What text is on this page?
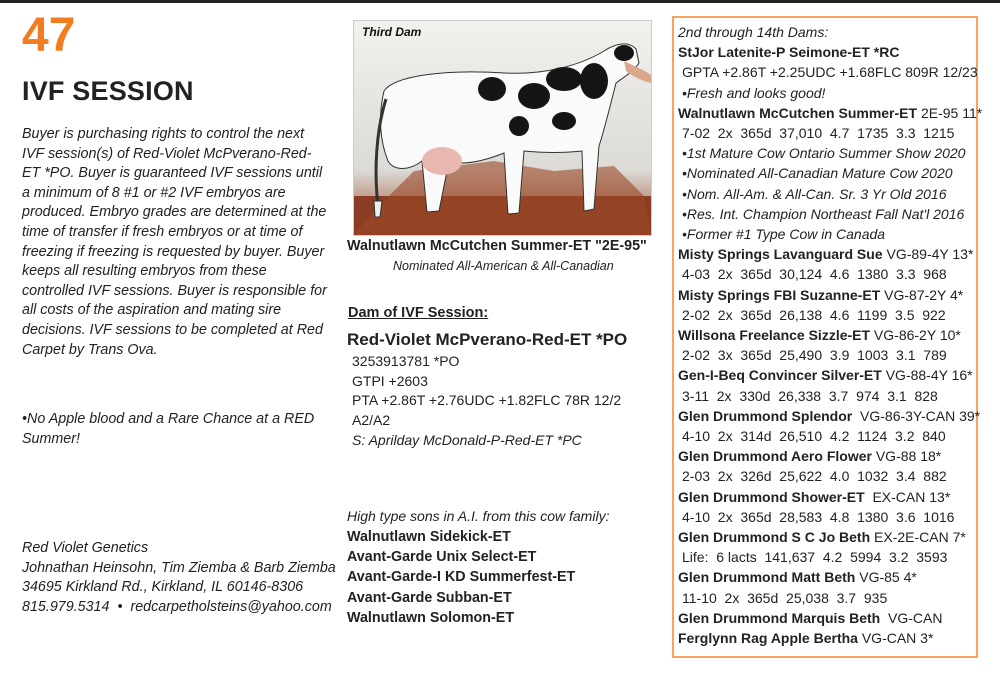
47
IVF SESSION
Buyer is purchasing rights to control the next IVF session(s) of Red-Violet McPverano-Red-ET *PO. Buyer is guaranteed IVF sessions until a minimum of 8 #1 or #2 IVF embryos are produced. Embryo grades are determined at the time of transfer if fresh embryos or at time of freezing if freezing is requested by buyer. Buyer keeps all resulting embryos from these controlled IVF sessions. Buyer is responsible for all costs of the aspiration and mating sire decisions. IVF sessions to be completed at Red Carpet by Trans Ova.
•No Apple blood and a Rare Chance at a RED Summer!
Red Violet Genetics
Johnathan Heinsohn, Tim Ziemba & Barb Ziemba
34695 Kirkland Rd., Kirkland, IL 60146-8306
815.979.5314 • redcarpetholsteins@yahoo.com
Third Dam
Walnutlawn McCutchen Summer-ET "2E-95"
Nominated All-American & All-Canadian
Dam of IVF Session:
Red-Violet McPverano-Red-ET *PO
3253913781 *PO
GTPI +2603
PTA +2.86T +2.76UDC +1.82FLC 78R 12/2
A2/A2
S: Aprilday McDonald-P-Red-ET *PC
High type sons in A.I. from this cow family:
Walnutlawn Sidekick-ET
Avant-Garde Unix Select-ET
Avant-Garde-I KD Summerfest-ET
Avant-Garde Subban-ET
Walnutlawn Solomon-ET
2nd through 14th Dams:
StJor Latenite-P Seimone-ET *RC
GPTA +2.86T +2.25UDC +1.68FLC 809R 12/23
•Fresh and looks good!
Walnutlawn McCutchen Summer-ET 2E-95 11*
7-02  2x  365d  37,010  4.7  1735  3.3  1215
•1st Mature Cow Ontario Summer Show 2020
•Nominated All-Canadian Mature Cow 2020
•Nom. All-Am. & All-Can. Sr. 3 Yr Old 2016
•Res. Int. Champion Northeast Fall Nat'l 2016
•Former #1 Type Cow in Canada
Misty Springs Lavanguard Sue VG-89-4Y 13*
4-03  2x  365d  30,124  4.6  1380  3.3  968
Misty Springs FBI Suzanne-ET VG-87-2Y 4*
2-02  2x  365d  26,138  4.6  1199  3.5  922
Willsona Freelance Sizzle-ET VG-86-2Y 10*
2-02  3x  365d  25,490  3.9  1003  3.1  789
Gen-I-Beq Convincer Silver-ET VG-88-4Y 16*
3-11  2x  330d  26,338  3.7  974  3.1  828
Glen Drummond Splendor  VG-86-3Y-CAN 39*
4-10  2x  314d  26,510  4.2  1124  3.2  840
Glen Drummond Aero Flower VG-88 18*
2-03  2x  326d  25,622  4.0  1032  3.4  882
Glen Drummond Shower-ET  EX-CAN 13*
4-10  2x  365d  28,583  4.8  1380  3.6  1016
Glen Drummond S C Jo Beth EX-2E-CAN 7*
Life:  6 lacts  141,637  4.2  5994  3.2  3593
Glen Drummond Matt Beth VG-85 4*
11-10  2x  365d  25,038  3.7  935
Glen Drummond Marquis Beth  VG-CAN
Ferglynn Rag Apple Bertha VG-CAN 3*
